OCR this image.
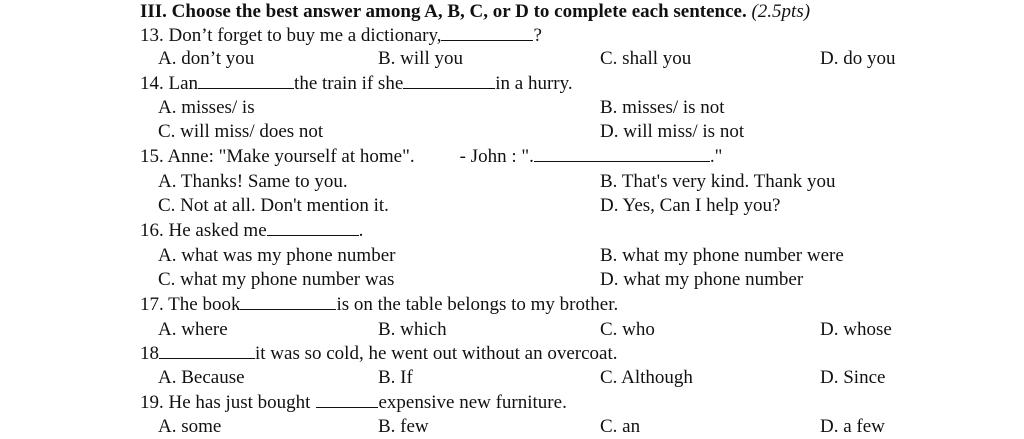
III. Choose the best answer among A, B, C, or D to complete each sentence. (2.5pts)
13. Don’t forget to buy me a dictionary,	?
A. don’t you	B. will you	C. shall you	D. do you
14. Lan	the train if she	in a hurry.
A. misses/ is	B. misses/ is not
C. will miss/ does not	D. will miss/ is not
15. Anne: "Make yourself at home". - John : ".	."
A. Thanks! Same to you.	B. That's very kind. Thank you
C. Not at all. Don't mention it.	D. Yes, Can I help you?
16. He asked me	.
A. what was my phone number	B. what my phone number were
C. what my phone number was	D. what my phone number
17. The book	is on the table belongs to my brother.
A. where	B. which	C. who	D. whose
18	it was so cold, he went out without an overcoat.
A. Because	B. If	C. Although	D. Since
19. He has just bought	expensive new furniture.
A. some	B. few	C. an	D. a few
